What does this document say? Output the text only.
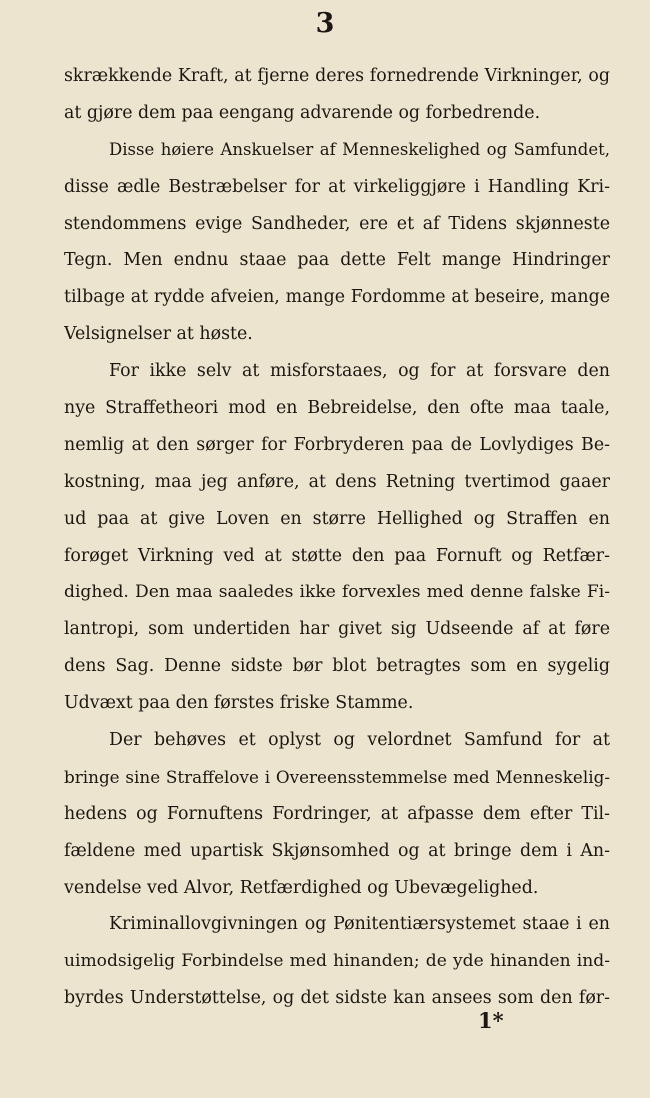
3
skrækkende Kraft, at fjerne deres fornedrende Virkninger, og
at gjøre dem paa eengang advarende og forbedrende.
Disse høiere Anskuelser af Menneskelighed og Samfundet,
disse ædle Bestræbelser for at virkeliggjøre i Handling Kri-
stendommens evige Sandheder, ere et af Tidens skjønneste
Tegn. Men endnu staae paa dette Felt mange Hindringer
tilbage at rydde afveien, mange Fordomme at beseire, mange
Velsignelser at høste.
For ikke selv at misforstaaes, og for at forsvare den
nye Straffetheori mod en Bebreidelse, den ofte maa taale,
nemlig at den sørger for Forbryderen paa de Lovlydiges Be-
kostning, maa jeg anføre, at dens Retning tvertimod gaaer
ud paa at give Loven en større Hellighed og Straffen en
forøget Virkning ved at støtte den paa Fornuft og Retfær-
dighed. Den maa saaledes ikke forvexles med denne falske Fi-
lantropi, som undertiden har givet sig Udseende af at føre
dens Sag. Denne sidste bør blot betragtes som en sygelig
Udvæxt paa den førstes friske Stamme.
Der behøves et oplyst og velordnet Samfund for at
bringe sine Straffelove i Overeensstemmelse med Menneskelig-
hedens og Fornuftens Fordringer, at afpasse dem efter Til-
fældene med upartisk Skjønsomhed og at bringe dem i An-
vendelse ved Alvor, Retfærdighed og Ubevægelighed.
Kriminallovgivningen og Pønitentiærsystemet staae i en
uimodsigelig Forbindelse med hinanden; de yde hinanden ind-
byrdes Understøttelse, og det sidste kan ansees som den før-
1*
